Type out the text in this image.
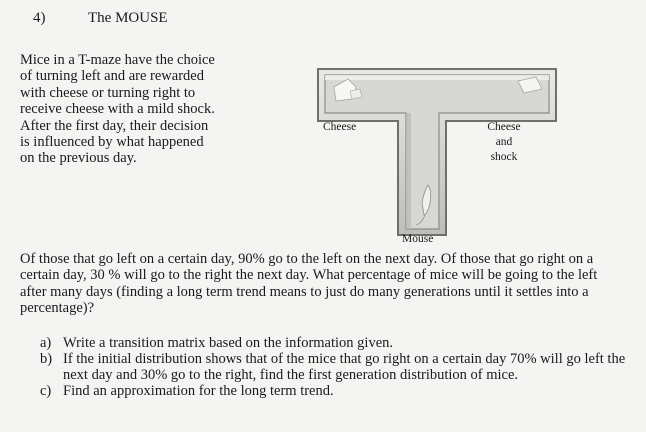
4)	The MOUSE
Mice in a T-maze have the choice
of turning left and are rewarded
with cheese or turning right to
receive cheese with a mild shock.
After the first day, their decision
is influenced by what happened
on the previous day.
Cheese	Cheese
and
shock
Mouse
Of those that go left on a certain day, 90% go to the left on the next day. Of those that go right on a
certain day, 30 % will go to the right the next day. What percentage of mice will be going to the left
after many days (finding a long term trend means to just do many generations until it settles into a
percentage)?
a) Write a transition matrix based on the information given.
b) If the initial distribution shows that of the mice that go right on a certain day 70% will go left the
next day and 30% go to the right, find the first generation distribution of mice.
c) Find an approximation for the long term trend.
